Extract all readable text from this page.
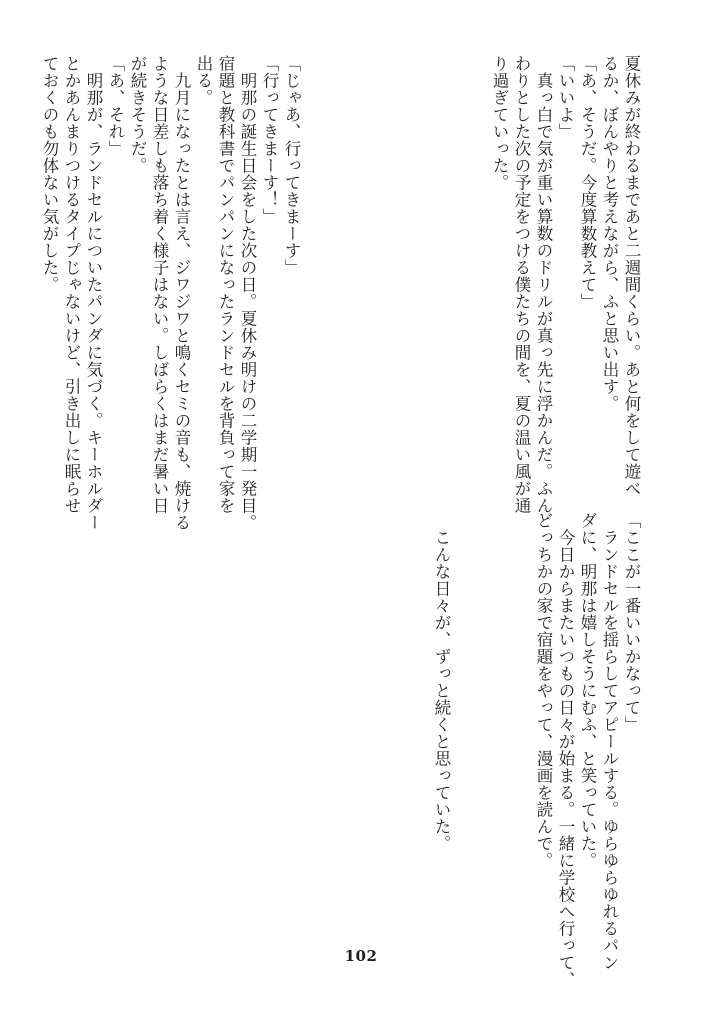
夏休みが終わるまであと二週間くらい。あと何をして遊べ
るか、ぼんやりと考えながら、ふと思い出す。
「あ、そうだ。今度算数教えて」
「いいよ」
　真っ白で気が重い算数のドリルが真っ先に浮かんだ。ふん
わりとした次の予定をつける僕たちの間を、夏の温い風が通
り過ぎていった。
「じゃあ、行ってきまーす」
「行ってきまーす！」
　明那の誕生日会をした次の日。夏休み明けの二学期一発目。
宿題と教科書でパンパンになったランドセルを背負って家を
出る。
　九月になったとは言え、ジワジワと鳴くセミの音も、焼ける
ような日差しも落ち着く様子はない。しばらくはまだ暑い日
が続きそうだ。
「あ、それ」
　明那が、ランドセルについたパンダに気づく。キーホルダー
とかあんまりつけるタイプじゃないけど、引き出しに眠らせ
ておくのも勿体ない気がした。
「ここが一番いいかなって」
　ランドセルを揺らしてアピールする。ゆらゆらゆれるパン
ダに、明那は嬉しそうにむふ、と笑っていた。
　今日からまたいつもの日々が始まる。一緒に学校へ行って、
どっちかの家で宿題をやって、漫画を読んで。
　こんな日々が、ずっと続くと思っていた。
102
